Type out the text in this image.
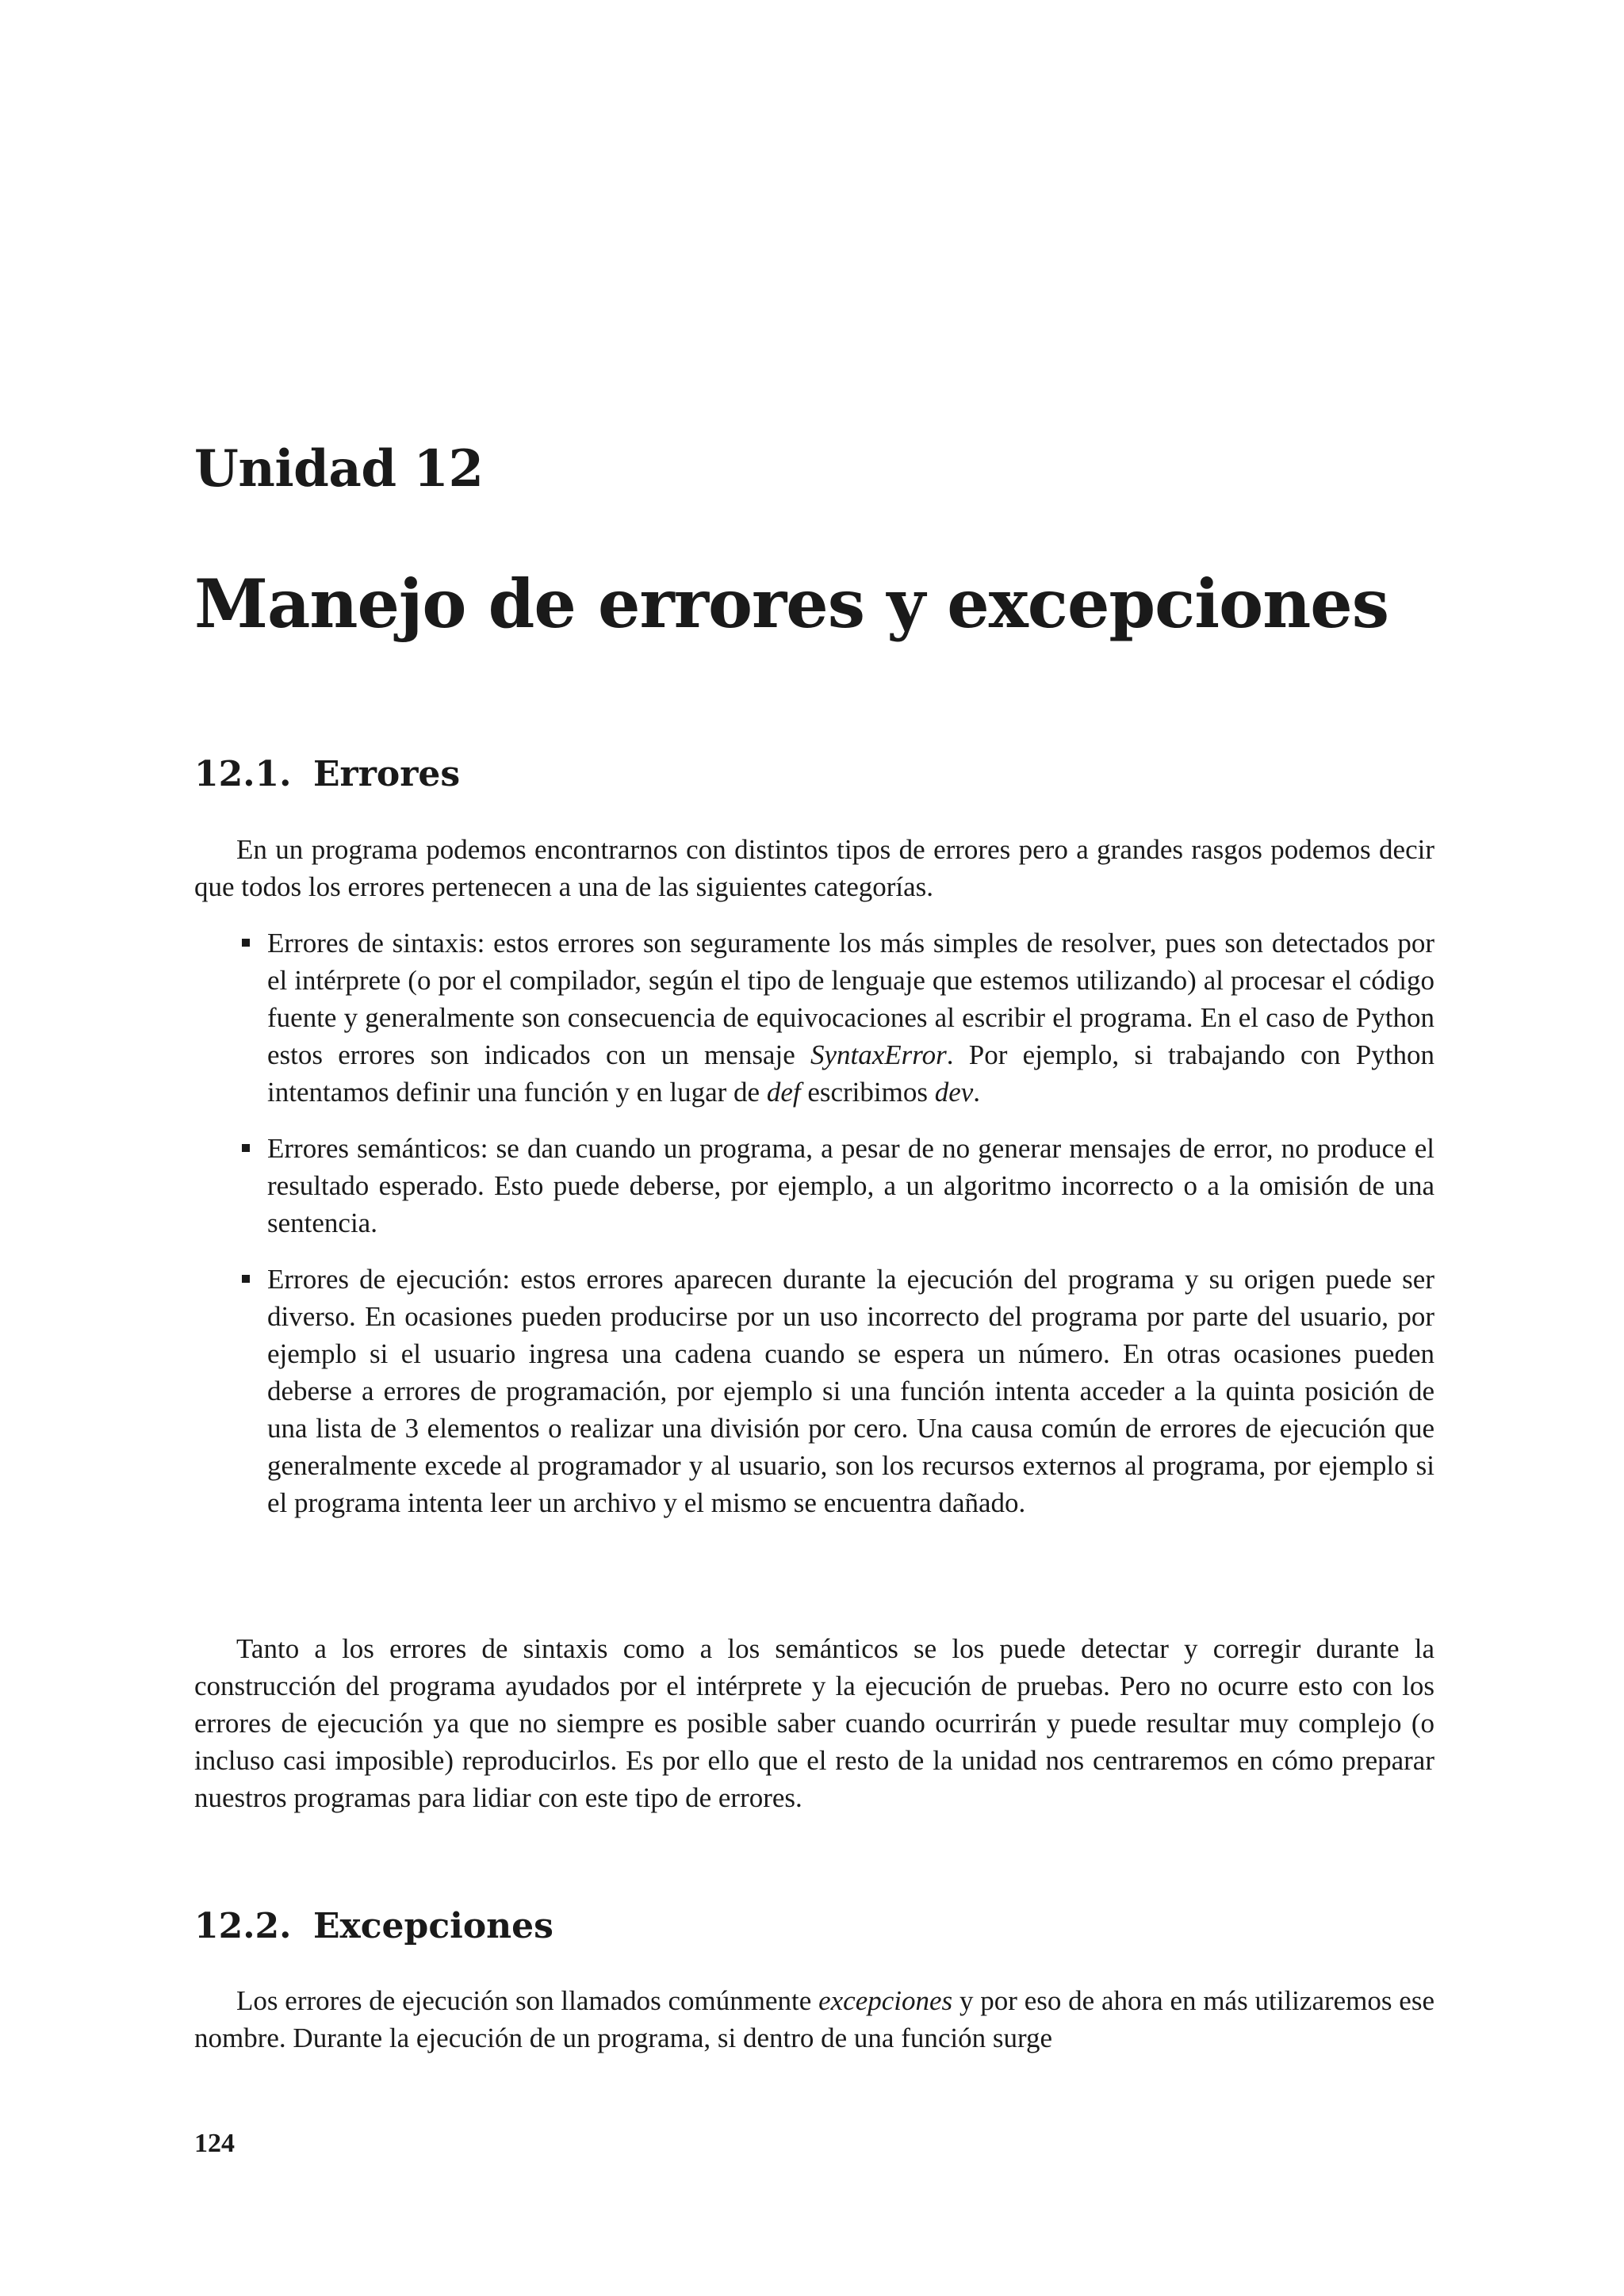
Unidad 12
Manejo de errores y excepciones
12.1. Errores

En un programa podemos encontrarnos con distintos tipos de errores pero a grandes rasgos podemos decir que todos los errores pertenecen a una de las siguientes categorías.

Errores de sintaxis: estos errores son seguramente los más simples de resolver, pues son detectados por el intérprete (o por el compilador, según el tipo de lenguaje que estemos utilizando) al procesar el código fuente y generalmente son consecuencia de equivocaciones al escribir el programa. En el caso de Python estos errores son indicados con un mensaje SyntaxError. Por ejemplo, si trabajando con Python intentamos definir una función y en lugar de def escribimos dev.
Errores semánticos: se dan cuando un programa, a pesar de no generar mensajes de error, no produce el resultado esperado. Esto puede deberse, por ejemplo, a un algoritmo incorrecto o a la omisión de una sentencia.
Errores de ejecución: estos errores aparecen durante la ejecución del programa y su origen puede ser diverso. En ocasiones pueden producirse por un uso incorrecto del programa por parte del usuario, por ejemplo si el usuario ingresa una cadena cuando se espera un número. En otras ocasiones pueden deberse a errores de programación, por ejemplo si una función intenta acceder a la quinta posición de una lista de 3 elementos o realizar una división por cero. Una causa común de errores de ejecución que generalmente excede al programador y al usuario, son los recursos externos al programa, por ejemplo si el programa intenta leer un archivo y el mismo se encuentra dañado.

Tanto a los errores de sintaxis como a los semánticos se los puede detectar y corregir durante la construcción del programa ayudados por el intérprete y la ejecución de pruebas. Pero no ocurre esto con los errores de ejecución ya que no siempre es posible saber cuando ocurrirán y puede resultar muy complejo (o incluso casi imposible) reproducirlos. Es por ello que el resto de la unidad nos centraremos en cómo preparar nuestros programas para lidiar con este tipo de errores.

12.2. Excepciones

Los errores de ejecución son llamados comúnmente excepciones y por eso de ahora en más utilizaremos ese nombre. Durante la ejecución de un programa, si dentro de una función surge

124
